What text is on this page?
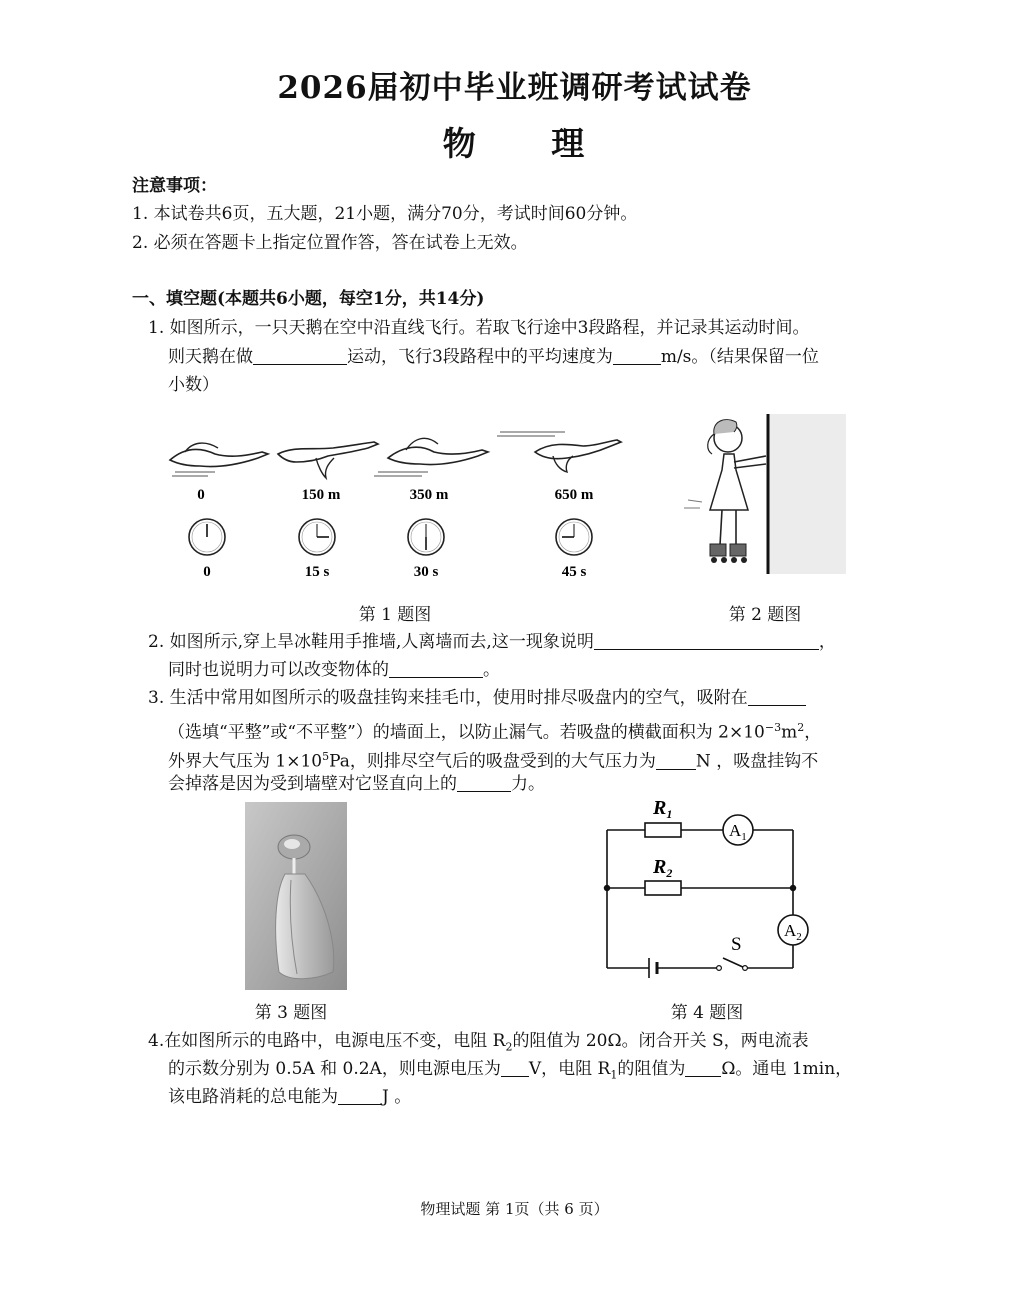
2026届初中毕业班调研考试试卷
物 理
注意事项：
1. 本试卷共6页，五大题，21小题，满分70分，考试时间60分钟。
2. 必须在答题卡上指定位置作答，答在试卷上无效。
一、填空题(本题共6小题，每空1分，共14分)
1. 如图所示，一只天鹅在空中沿直线飞行。若取飞行途中3段路程，并记录其运动时间。
则天鹅在做	运动，飞行3段路程中的平均速度为	m/s。（结果保留一位
小数）
0	150 m	350 m	650 m
0	15 s	30 s	45 s
第 1 题图	第 2 题图
2. 如图所示,穿上旱冰鞋用手推墙,人离墙而去,这一现象说明	，
同时也说明力可以改变物体的	。
3. 生活中常用如图所示的吸盘挂钩来挂毛巾，使用时排尽吸盘内的空气，吸附在
（选填“平整”或“不平整”）的墙面上，以防止漏气。若吸盘的横截面积为 $2\times 10^{-3}m^2$，
外界大气压为 $1\times 10^5Pa$，则排尽空气后的吸盘受到的大气压力为 N ，吸盘挂钩不
会掉落是因为受到墙壁对它竖直向上的	力。
第 3 题图
$R_1$
$R_2$
$A_1$
$A_2$
S
第 4 题图
4.在如图所示的电路中，电源电压不变，电阻 $R_2$的阻值为 20Ω。闭合开关 S，两电流表
的示数分别为 0.5A 和 0.2A，则电源电压为 V，电阻 $R_1$的阻值为 Ω。通电 1min，
该电路消耗的总电能为	J 。
物理试题 第 1页（共 6 页）
